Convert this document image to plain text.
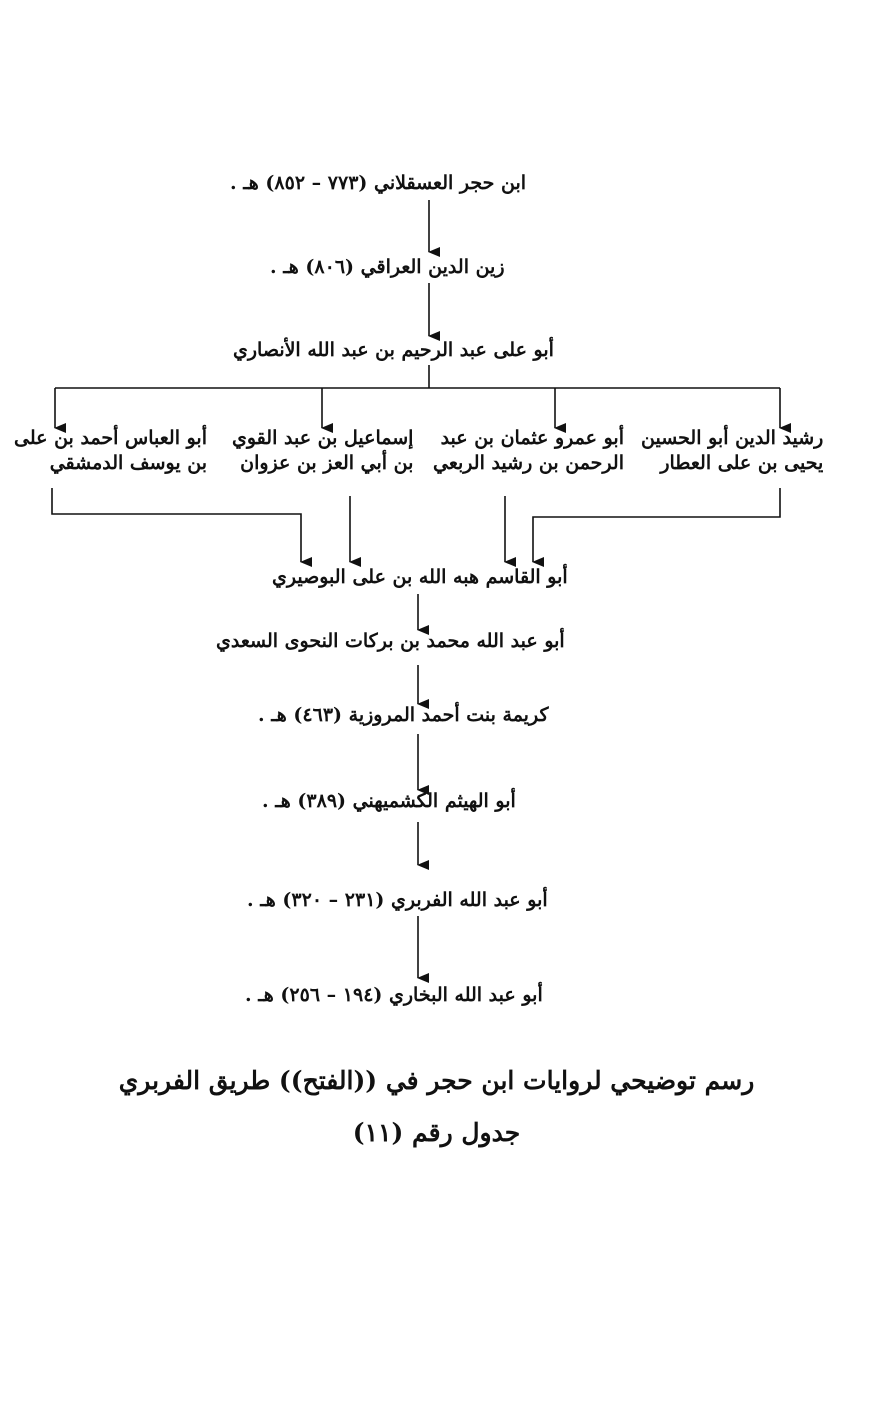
ابن حجر العسقلاني (٧٧٣ – ٨٥٢) هـ .
زين الدين العراقي (٨٠٦) هـ .
أبو على عبد الرحيم بن عبد الله الأنصاري
رشيد الدين أبو الحسين
يحيى بن على العطار
أبو عمرو عثمان بن عبد
الرحمن بن رشيد الربعي
إسماعيل بن عبد القوي
بن أبي العز بن عزوان
أبو العباس أحمد بن على
بن يوسف الدمشقي
أبو القاسم هبه الله بن على البوصيري
أبو عبد الله محمد بن بركات النحوى السعدي
كريمة بنت أحمد المروزية (٤٦٣) هـ .
أبو الهيثم الكشميهني (٣٨٩) هـ .
أبو عبد الله الفربري (٢٣١ – ٣٢٠) هـ .
أبو عبد الله البخاري (١٩٤ – ٢٥٦) هـ .
رسم توضيحي لروايات ابن حجر في ((الفتح)) طريق الفربري
جدول رقم (١١)
